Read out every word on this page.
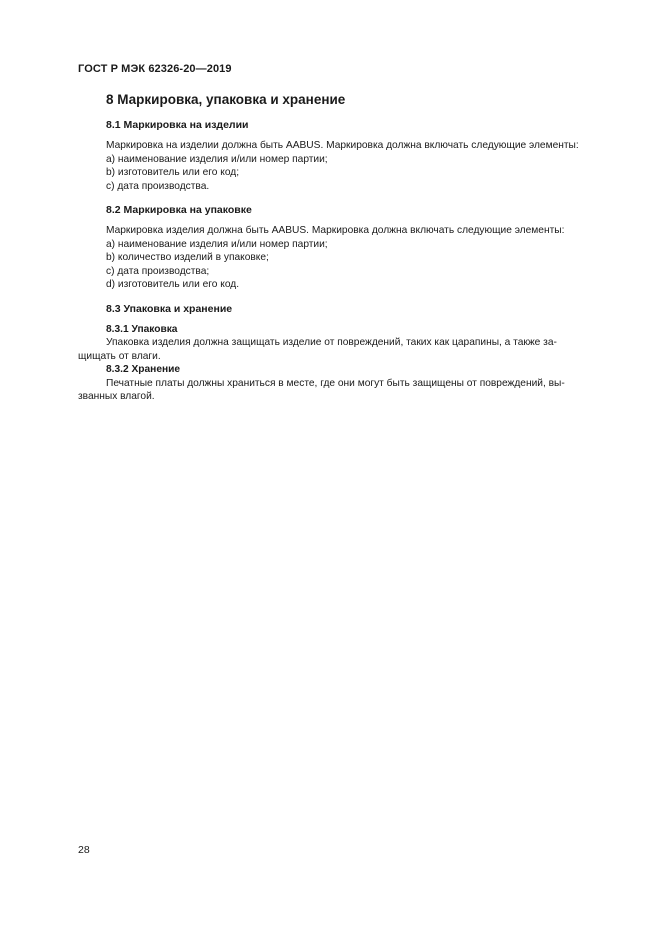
ГОСТ Р МЭК 62326-20—2019
8 Маркировка, упаковка и хранение
8.1 Маркировка на изделии
Маркировка на изделии должна быть AABUS. Маркировка должна включать следующие элементы:
а) наименование изделия и/или номер партии;
b) изготовитель или его код;
с) дата производства.
8.2 Маркировка на упаковке
Маркировка изделия должна быть AABUS. Маркировка должна включать следующие элементы:
а) наименование изделия и/или номер партии;
b) количество изделий в упаковке;
с) дата производства;
d) изготовитель или его код.
8.3 Упаковка и хранение
8.3.1 Упаковка
Упаковка изделия должна защищать изделие от повреждений, таких как царапины, а также за-
щищать от влаги.
8.3.2 Хранение
Печатные платы должны храниться в месте, где они могут быть защищены от повреждений, вы-
званных влагой.
28
